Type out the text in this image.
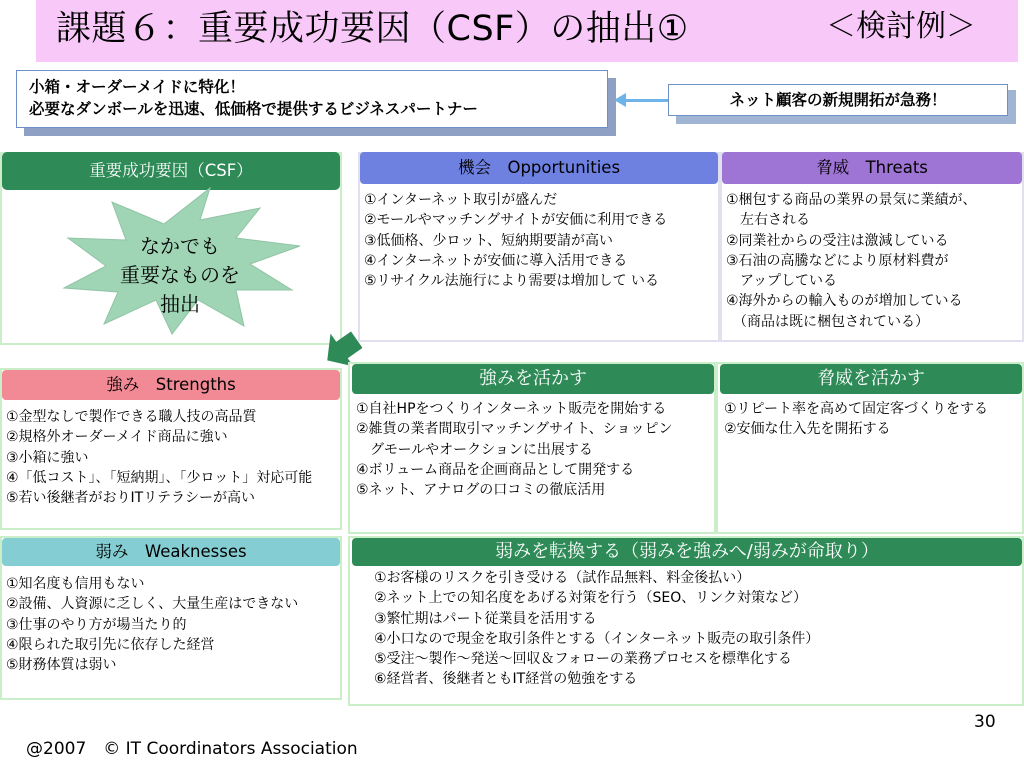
課題６：重要成功要因（CSF）の抽出①	＜検討例＞
小箱・オーダーメイドに特化！
必要なダンボールを迅速、低価格で提供するビジネスパートナー	ネット顧客の新規開拓が急務！
重要成功要因（CSF）
なかでも
重要なものを
抽出
機会　Opportunities
①インターネット取引が盛んだ
②モールやマッチングサイトが安価に利用できる
③低価格、少ロット、短納期要請が高い
④インターネットが安価に導入活用できる
⑤リサイクル法施行により需要は増加して いる
脅威　Threats
①梱包する商品の業界の景気に業績が、
　左右される
②同業社からの受注は激減している
③石油の高騰などにより原材料費が
　アップしている
④海外からの輸入ものが増加している
　（商品は既に梱包されている）
強み　Strengths
①金型なしで製作できる職人技の高品質
②規格外オーダーメイド商品に強い
③小箱に強い
④「低コスト」、「短納期」、「少ロット」対応可能
⑤若い後継者がおりITリテラシーが高い
強みを活かす
①自社HPをつくりインターネット販売を開始する
②雑貨の業者間取引マッチングサイト、ショッピン
　グモールやオークションに出展する
④ボリューム商品を企画商品として開発する
⑤ネット、アナログの口コミの徹底活用
脅威を活かす
①リピート率を高めて固定客づくりをする
②安価な仕入先を開拓する
弱み　Weaknesses
①知名度も信用もない
②設備、人資源に乏しく、大量生産はできない
③仕事のやり方が場当たり的
④限られた取引先に依存した経営
⑤財務体質は弱い
弱みを転換する（弱みを強みへ/弱みが命取り）
①お客様のリスクを引き受ける（試作品無料、料金後払い）
②ネット上での知名度をあげる対策を行う（SEO、リンク対策など）
③繁忙期はパート従業員を活用する
④小口なので現金を取引条件とする（インターネット販売の取引条件）
⑤受注～製作～発送～回収＆フォローの業務プロセスを標準化する
⑥経営者、後継者ともIT経営の勉強をする
30
@2007　© IT Coordinators Association
